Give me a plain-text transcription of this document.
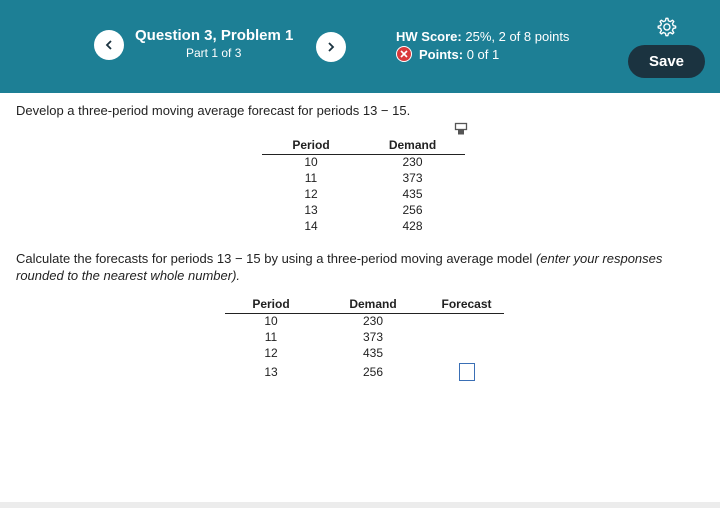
Question 3, Problem 1
Part 1 of 3
HW Score: 25%, 2 of 8 points
Points:
0 of 1	Save
Develop a three-period moving average forecast for periods 13 − 15.
Period	Demand
10	230
11	373
12	435
13	256
14	428
Calculate the forecasts for periods 13 − 15 by using a three-period moving average model (enter your responses rounded to the nearest whole number).
Period	Demand	Forecast
10	230	
11	373	
12	435	
13	256	
